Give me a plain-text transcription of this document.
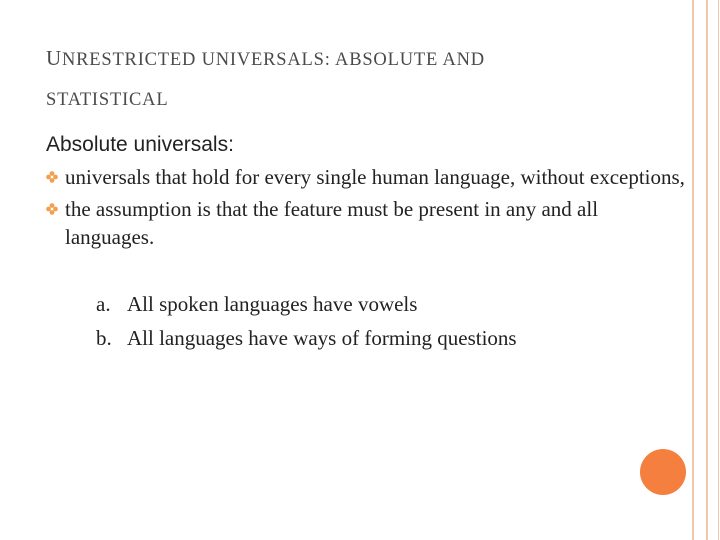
UNRESTRICTED UNIVERSALS: ABSOLUTE AND
STATISTICAL
Absolute universals:
universals that hold for every single human language, without exceptions,
the assumption is that the feature must be present in any and all languages.
a. All spoken languages have vowels
b. All languages have ways of forming questions
